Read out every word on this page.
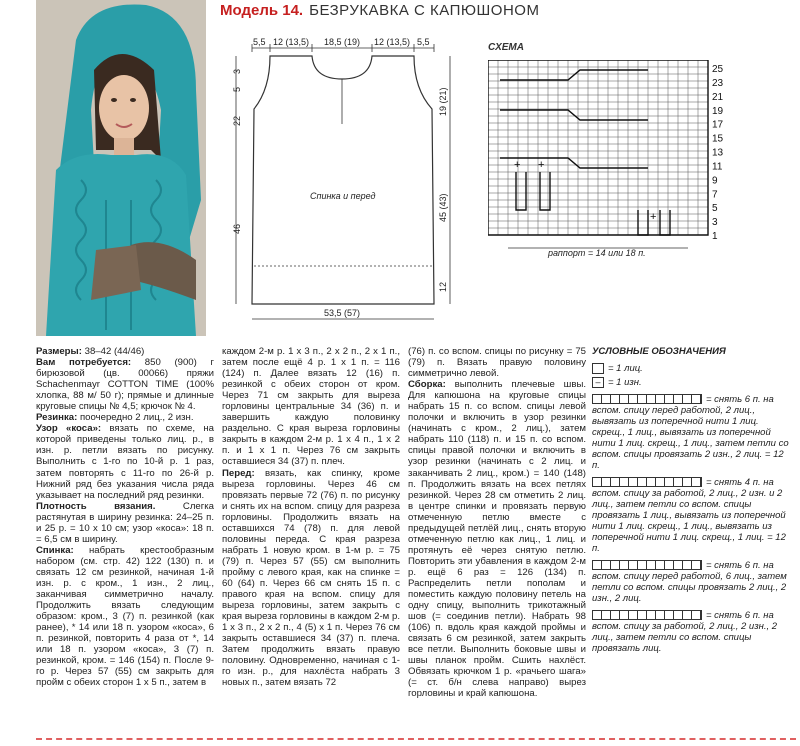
Модель 14. БЕЗРУКАВКА С КАПЮШОНОМ
5,5 12 (13,5) 18,5 (19) 12 (13,5) 5,5
Спинка и перед
3
5
22
46
19 (21)
45 (43)
12
53,5 (57)
СХЕМА
+ +
+
25
23
21
19
17
15
13
11
9
7
5
3
1
раппорт = 14 или 18 п.

Размеры: 38–42 (44/46)

Вам потребуется: 850 (900) г бирюзовой (цв. 00066) пряжи Schachenmayr COTTON TIME (100% хлопка, 88 м/ 50 г); прямые и длинные круговые спицы № 4,5; крючок № 4.

Резинка: поочередно 2 лиц., 2 изн.

Узор «коса»: вязать по схеме, на которой приведены только лиц. р., в изн. р. петли вязать по рисунку. Выполнить с 1-го по 10-й р. 1 раз, затем повторять с 11-го по 26-й р. Нижний ряд без указания числа ряда указывает на последний ряд резинки.

Плотность вязания. Слегка растянутая в ширину резинка: 24–25 п. и 25 р. = 10 х 10 см; узор «коса»: 18 п. = 6,5 см в ширину.

Спинка: набрать крестообразным набором (см. стр. 42) 122 (130) п. и связать 12 см резинкой, начиная 1-й изн. р. с кром., 1 изн., 2 лиц., заканчивая симметрично началу. Продолжить вязать следующим образом: кром., 3 (7) п. резинкой (как ранее), * 14 или 18 п. узором «коса», 6 п. резинкой, повторить 4 раза от *, 14 или 18 п. узором «коса», 3 (7) п. резинкой, кром. = 146 (154) п. После 9-го р. Через 57 (55) см закрыть для пройм с обеих сторон 1 х 5 п., затем в

каждом 2-м р. 1 х 3 п., 2 х 2 п., 2 х 1 п., затем после ещё 4 р. 1 х 1 п. = 116 (124) п. Далее вязать 12 (16) п. резинкой с обеих сторон от кром. Через 71 см закрыть для выреза горловины центральные 34 (36) п. и завершить каждую половинку раздельно. С края выреза горловины закрыть в каждом 2-м р. 1 х 4 п., 1 х 2 п. и 1 х 1 п. Через 76 см закрыть оставшиеся 34 (37) п. плеч.

Перед: вязать, как спинку, кроме выреза горловины. Через 46 см провязать первые 72 (76) п. по рисунку и снять их на вспом. спицу для разреза горловины. Продолжить вязать на оставшихся 74 (78) п. для левой половины переда. С края разреза набрать 1 новую кром. в 1-м р. = 75 (79) п. Через 57 (55) см выполнить пройму с левого края, как на спинке = 60 (64) п. Через 66 см снять 15 п. с правого края на вспом. спицу для выреза горловины, затем закрыть с края выреза горловины в каждом 2-м р. 1 х 3 п., 2 х 2 п., 4 (5) х 1 п. Через 76 см закрыть оставшиеся 34 (37) п. плеча. Затем продолжить вязать правую половину. Одновременно, начиная с 1-го изн. р., для нахлёста набрать 3 новых п., затем вязать 72

(76) п. со вспом. спицы по рисунку = 75 (79) п. Вязать правую половину симметрично левой.

Сборка: выполнить плечевые швы. Для капюшона на круговые спицы набрать 15 п. со вспом. спицы левой полочки и включить в узор резинки (начинать с кром., 2 лиц.), затем набрать 110 (118) п. и 15 п. со вспом. спицы правой полочки и включить в узор резинки (начинать с 2 лиц. и заканчивать 2 лиц., кром.) = 140 (148) п. Продолжить вязать на всех петлях резинкой. Через 28 см отметить 2 лиц. в центре спинки и провязать первую отмеченную петлю вместе с предыдущей петлёй лиц., снять вторую отмеченную петлю как лиц., 1 лиц. и протянуть её через снятую петлю. Повторить эти убавления в каждом 2-м р. ещё 6 раз = 126 (134) п. Распределить петли пополам и поместить каждую половину петель на одну спицу, выполнить трикотажный шов (= соединив петли). Набрать 98 (106) п. вдоль края каждой проймы и связать 6 см резинкой, затем закрыть все петли. Выполнить боковые швы и швы планок пройм. Сшить нахлёст. Обвязать крючком 1 р. «рачьего шага» (= ст. б/н слева направо) вырез горловины и край капюшона.

УСЛОВНЫЕ ОБОЗНАЧЕНИЯ
= 1 лиц.
– = 1 изн.
= снять 6 п. на вспом. спицу перед работой, 2 лиц., вывязать из поперечной нити 1 лиц. скрещ., 1 лиц., вывязать из поперечной нити 1 лиц. скрещ., 1 лиц., затем петли со вспом. спицы провязать 2 изн., 2 лиц. = 12 п.
= снять 4 п. на вспом. спицу за работой, 2 лиц., 2 изн. и 2 лиц., затем петли со вспом. спицы провязать 1 лиц., вывязать из поперечной нити 1 лиц. скрещ., 1 лиц., вывязать из поперечной нити 1 лиц. скрещ., 1 лиц. = 12 п.
= снять 6 п. на вспом. спицу перед работой, 6 лиц., затем петли со вспом. спицы провязать 2 лиц., 2 изн., 2 лиц.
= снять 6 п. на вспом. спицу за работой, 2 лиц., 2 изн., 2 лиц., затем петли со вспом. спицы провязать лиц.
